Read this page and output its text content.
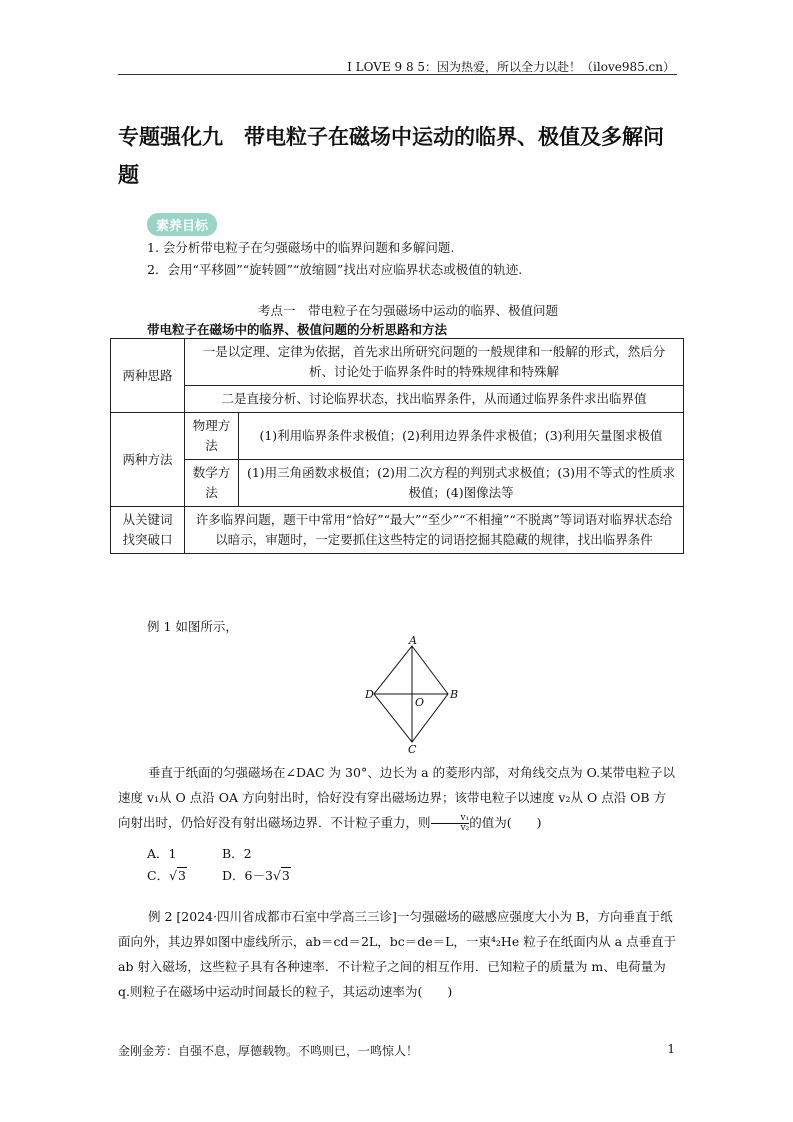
I LOVE 9 8 5：因为热爱，所以全力以赴！（ilove985.cn）
专题强化九　带电粒子在磁场中运动的临界、极值及多解问题
素养目标
1. 会分析带电粒子在匀强磁场中的临界问题和多解问题.
2．会用“平移圆”“旋转圆”“放缩圆”找出对应临界状态或极值的轨迹.
考点一　带电粒子在匀强磁场中运动的临界、极值问题
带电粒子在磁场中的临界、极值问题的分析思路和方法
两种思路	一是以定理、定律为依据，首先求出所研究问题的一般规律和一般解的形式，然后分析、讨论处于临界条件时的特殊规律和特殊解	
	二是直接分析、讨论临界状态，找出临界条件，从而通过临界条件求出临界值	
两种方法	物理方法	(1)利用临界条件求极值；(2)利用边界条件求极值；(3)利用矢量图求极值
	数学方法	(1)用三角函数求极值；(2)用二次方程的判别式求极值；(3)用不等式的性质求极值；(4)图像法等
从关键词找突破口	许多临界问题，题干中常用“恰好”“最大”“至少”“不相撞”“不脱离”等词语对临界状态给以暗示，审题时，一定要抓住这些特定的词语挖掘其隐藏的规律，找出临界条件	
例 1 如图所示，
A
B
C
D
O
垂直于纸面的匀强磁场在∠DAC 为 30°、边长为 a 的菱形内部，对角线交点为 O.某带电粒子以速度 v₁从 O 点沿 OA 方向射出时，恰好没有穿出磁场边界；该带电粒子以速度 v₂从 O 点沿 OB 方向射出时，仍恰好没有射出磁场边界．不计粒子重力，则 $\frac{\text{v₁}}{\text{v₂}}$ 的值为(　　)
A．1	B．2
C．√3	D．6－3√3
例 2 [2024·四川省成都市石室中学高三三诊]一匀强磁场的磁感应强度大小为 B，方向垂直于纸面向外，其边界如图中虚线所示，ab＝cd＝2L，bc＝de＝L，一束⁴₂He 粒子在纸面内从 a 点垂直于 ab 射入磁场，这些粒子具有各种速率．不计粒子之间的相互作用．已知粒子的质量为 m、电荷量为 q.则粒子在磁场中运动时间最长的粒子，其运动速率为(　　)
金刚金芳：自强不息，厚德载物。不鸣则已，一鸣惊人！	1
